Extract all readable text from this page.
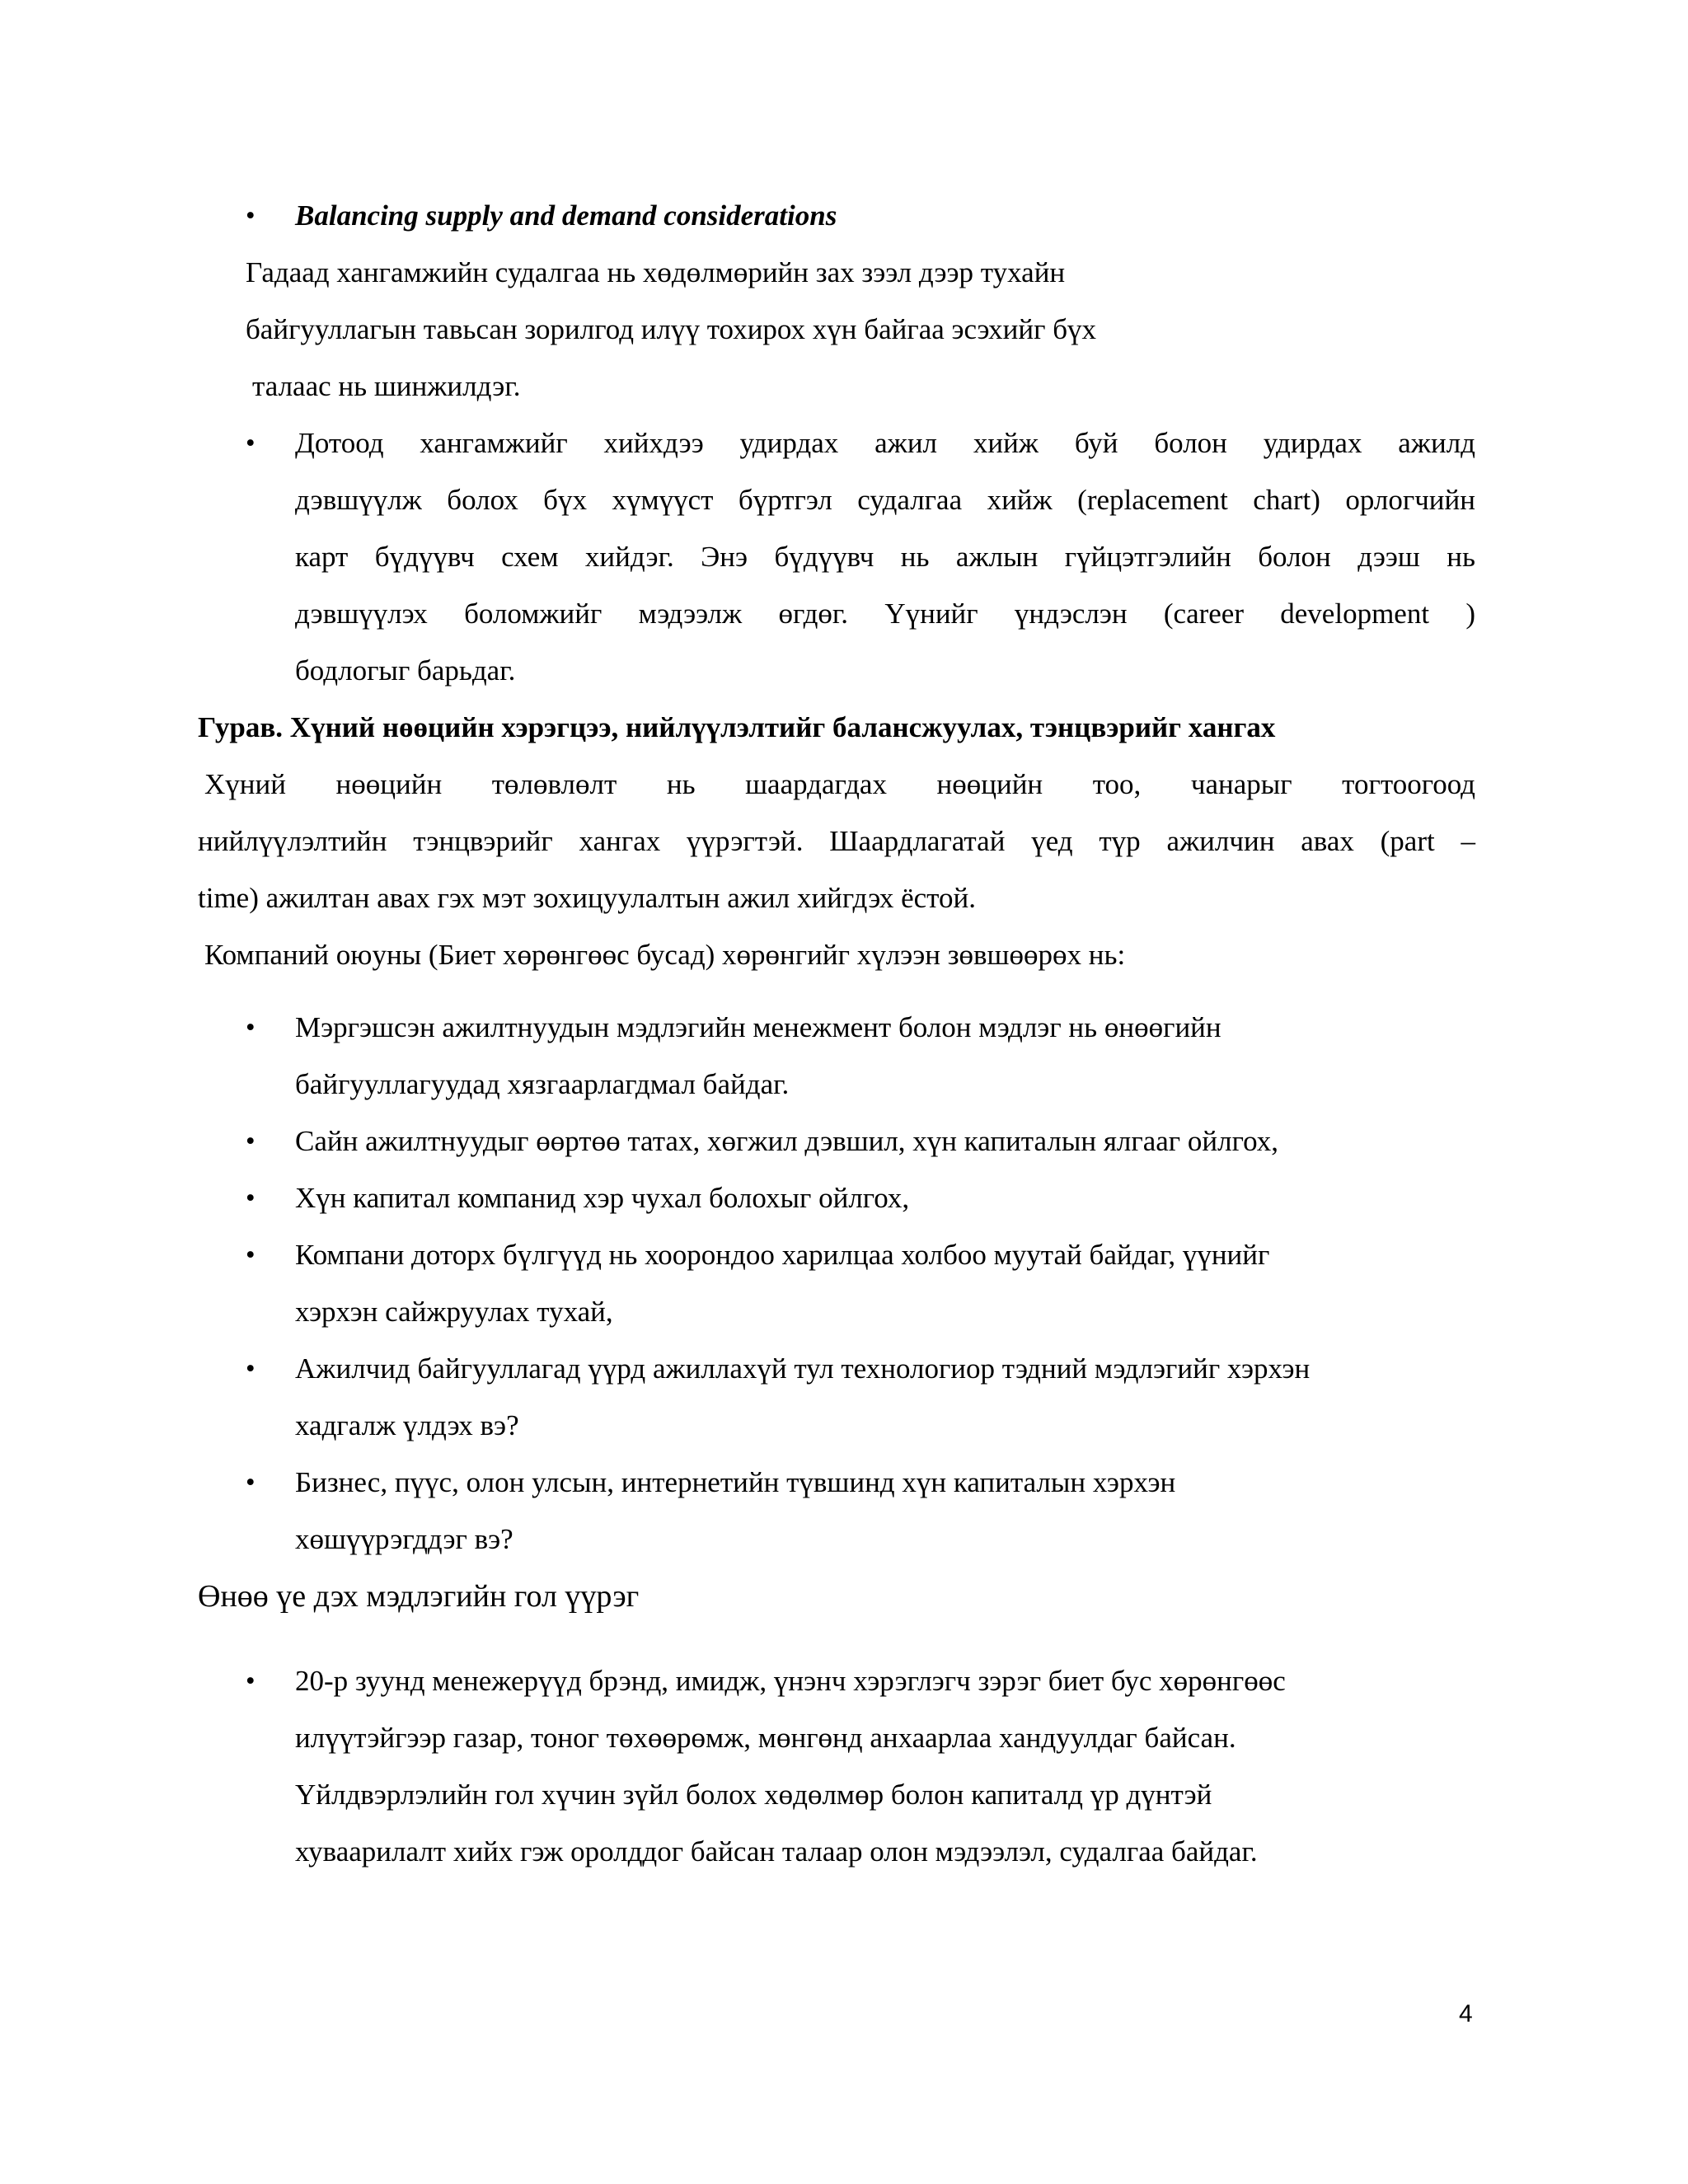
• Balancing supply and demand considerations
Гадаад хангамжийн судалгаа нь хөдөлмөрийн зах зээл дээр тухайн
байгууллагын тавьсан зорилгод илүү тохирох хүн байгаа эсэхийг бүх
талаас нь шинжилдэг.
• Дотоод хангамжийг хийхдээ удирдах ажил хийж буй болон удирдах ажилд
дэвшүүлж болох бүх хүмүүст бүртгэл судалгаа хийж (replacement chart) орлогчийн
карт бүдүүвч схем хийдэг. Энэ бүдүүвч нь ажлын гүйцэтгэлийн болон дээш нь
дэвшүүлэх боломжийг мэдээлж өгдөг. Үүнийг үндэслэн (career development )
бодлогыг барьдаг.
Гурав. Хүний нөөцийн хэрэгцээ, нийлүүлэлтийг балансжуулах, тэнцвэрийг хангах
Хүний нөөцийн төлөвлөлт нь шаардагдах нөөцийн тоо, чанарыг тогтоогоод
нийлүүлэлтийн тэнцвэрийг хангах үүрэгтэй. Шаардлагатай үед түр ажилчин авах (part –
time) ажилтан авах гэх мэт зохицуулалтын ажил хийгдэх ёстой.
Компаний оюуны (Биет хөрөнгөөс бусад) хөрөнгийг хүлээн зөвшөөрөх нь:
• Мэргэшсэн ажилтнуудын мэдлэгийн менежмент болон мэдлэг нь өнөөгийн
байгууллагуудад хязгаарлагдмал байдаг.
• Сайн ажилтнуудыг өөртөө татах, хөгжил дэвшил, хүн капиталын ялгааг ойлгох,
• Хүн капитал компанид хэр чухал болохыг ойлгох,
• Компани доторх бүлгүүд нь хоорондоо харилцаа холбоо муутай байдаг, үүнийг
хэрхэн сайжруулах тухай,
• Ажилчид байгууллагад үүрд ажиллахүй тул технологиор тэдний мэдлэгийг хэрхэн
хадгалж үлдэх вэ?
• Бизнес, пүүс, олон улсын, интернетийн түвшинд хүн капиталын хэрхэн
хөшүүрэгддэг вэ?
Өнөө үе дэх мэдлэгийн гол үүрэг
• 20-р зуунд менежерүүд брэнд, имидж, үнэнч хэрэглэгч зэрэг биет бус хөрөнгөөс
илүүтэйгээр газар, тоног төхөөрөмж, мөнгөнд анхаарлаа хандуулдаг байсан.
Үйлдвэрлэлийн гол хүчин зүйл болох хөдөлмөр болон капиталд үр дүнтэй
хуваарилалт хийх гэж оролддог байсан талаар олон мэдээлэл, судалгаа байдаг.
4
